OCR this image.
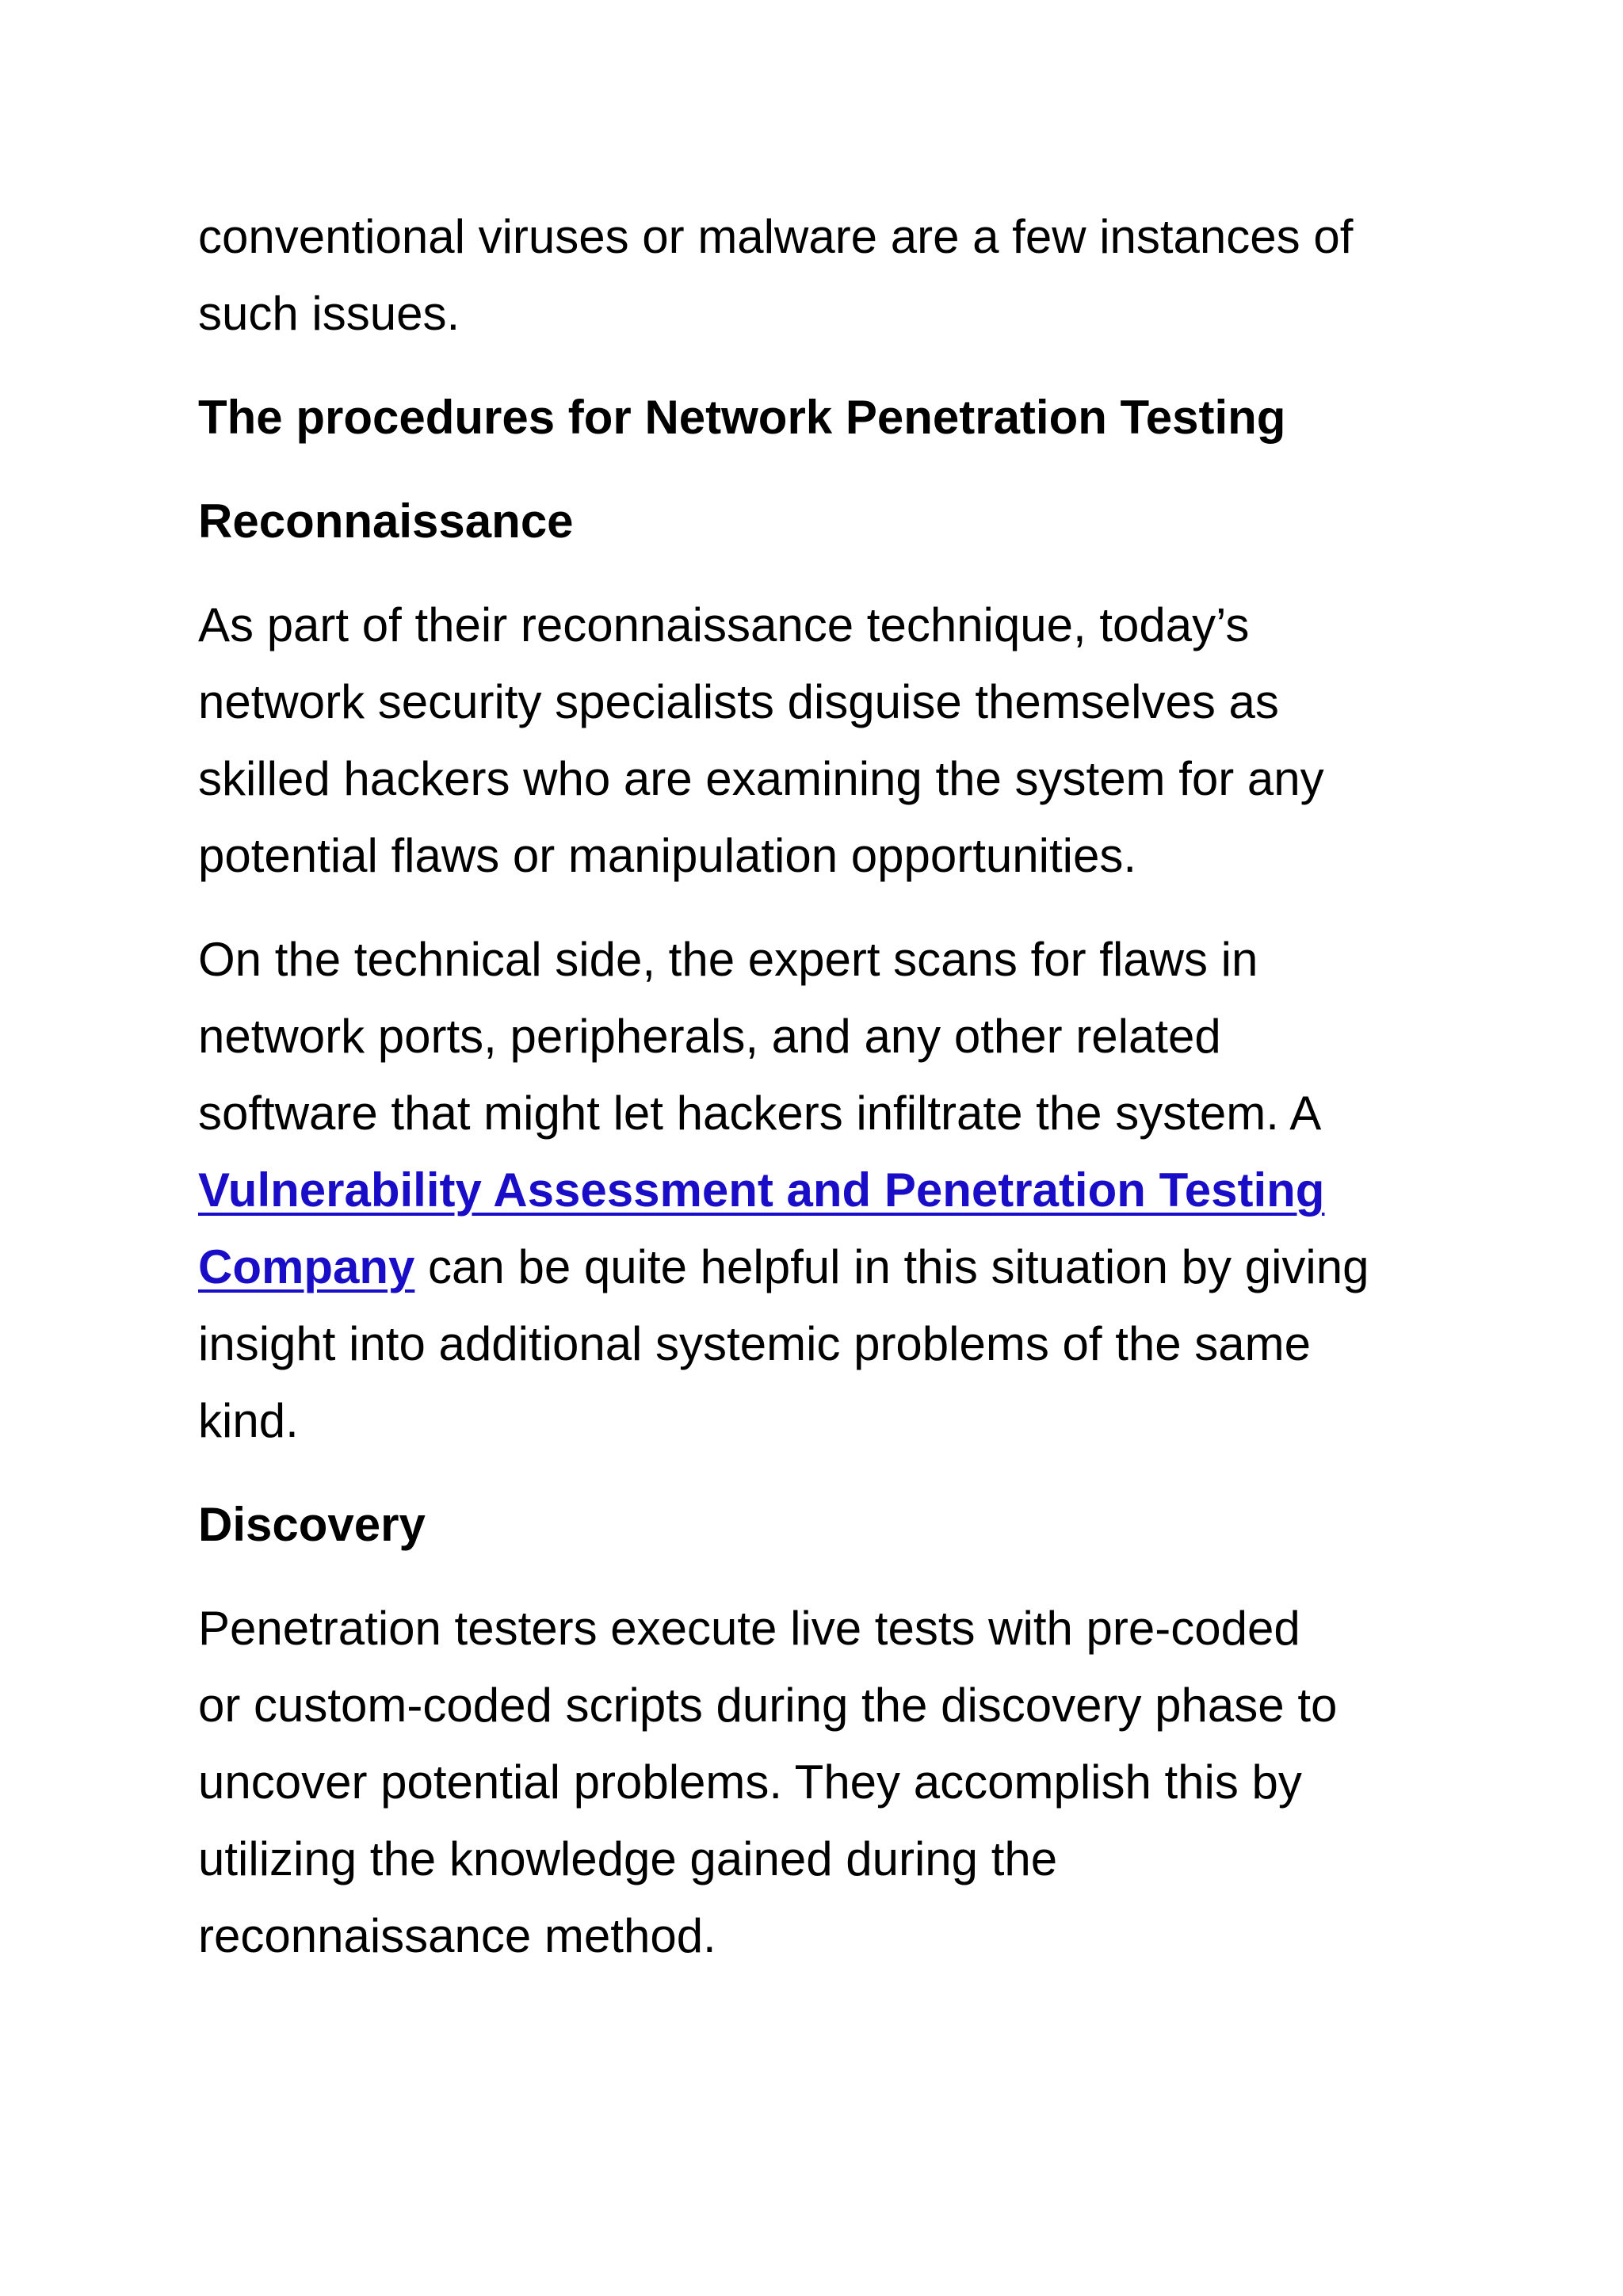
conventional viruses or malware are a few instances of

such issues.

The procedures for Network Penetration Testing

Reconnaissance

As part of their reconnaissance technique, today’s

network security specialists disguise themselves as

skilled hackers who are examining the system for any

potential flaws or manipulation opportunities.

On the technical side, the expert scans for flaws in

network ports, peripherals, and any other related

software that might let hackers infiltrate the system. A

Vulnerability Assessment and Penetration Testing

Company can be quite helpful in this situation by giving

insight into additional systemic problems of the same

kind.

Discovery

Penetration testers execute live tests with pre-coded

or custom-coded scripts during the discovery phase to

uncover potential problems. They accomplish this by

utilizing the knowledge gained during the

reconnaissance method.
